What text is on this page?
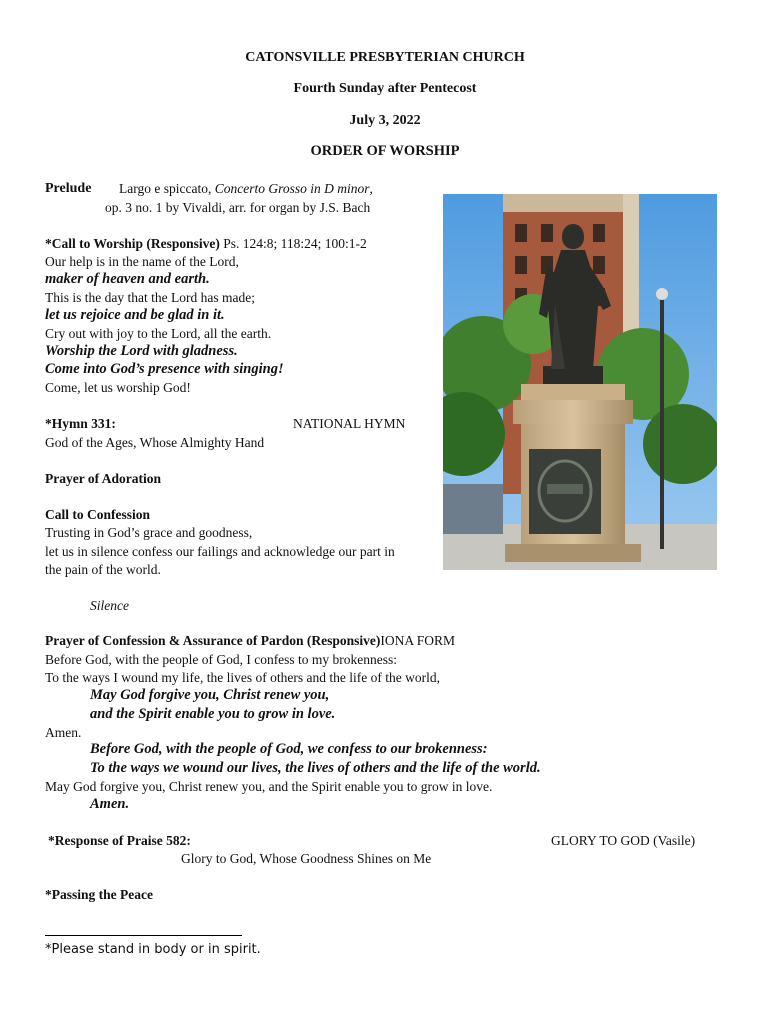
CATONSVILLE PRESBYTERIAN CHURCH
Fourth Sunday after Pentecost
July 3, 2022
ORDER OF WORSHIP
Prelude Largo e spiccato, Concerto Grosso in D minor,
op. 3 no. 1 by Vivaldi, arr. for organ by J.S. Bach
*Call to Worship (Responsive) Ps. 124:8; 118:24; 100:1-2
Our help is in the name of the Lord,
maker of heaven and earth.
This is the day that the Lord has made;
let us rejoice and be glad in it.
Cry out with joy to the Lord, all the earth.
Worship the Lord with gladness.
Come into God’s presence with singing!
Come, let us worship God!
*Hymn 331:	NATIONAL HYMN
God of the Ages, Whose Almighty Hand
Prayer of Adoration
Call to Confession
Trusting in God’s grace and goodness,
let us in silence confess our failings and acknowledge our part in
the pain of the world.
Silence
Prayer of Confession & Assurance of Pardon (Responsive)IONA FORM
Before God, with the people of God, I confess to my brokenness:
To the ways I wound my life, the lives of others and the life of the world,
May God forgive you, Christ renew you,
and the Spirit enable you to grow in love.
Amen.
Before God, with the people of God, we confess to our brokenness:
To the ways we wound our lives, the lives of others and the life of the world.
May God forgive you, Christ renew you, and the Spirit enable you to grow in love.
Amen.
*Response of Praise 582:	GLORY TO GOD (Vasile)
Glory to God, Whose Goodness Shines on Me
*Passing the Peace
*Please stand in body or in spirit.
